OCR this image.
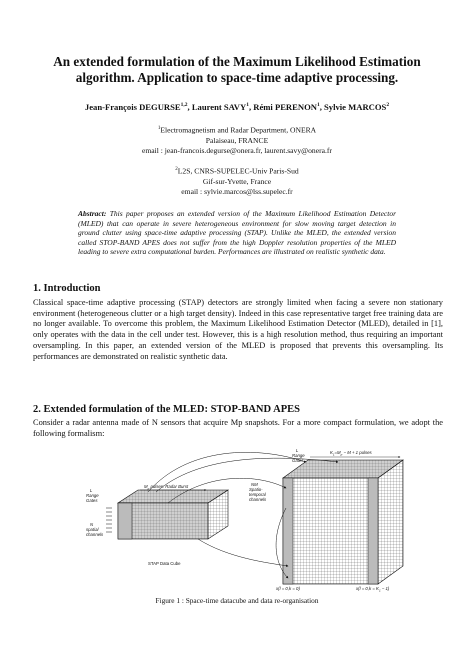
An extended formulation of the Maximum Likelihood Estimation
algorithm. Application to space-time adaptive processing.
Jean-François DEGURSE$^{1,2}$, Laurent SAVY$^1$, Rémi PERENON$^1$, Sylvie MARCOS$^2$
$^1$Electromagnetism and Radar Department, ONERA
Palaiseau, FRANCE
email : jean-francois.degurse@onera.fr, laurent.savy@onera.fr
$^2$L2S, CNRS-SUPELEC-Univ Paris-Sud
Gif-sur-Yvette, France
email : sylvie.marcos@lss.supelec.fr
Abstract: This paper proposes an extended version of the Maximum Likelihood Estimation Detector (MLED) that can operate in severe heterogeneous environment for slow moving target detection in ground clutter using space-time adaptive processing (STAP). Unlike the MLED, the extended version called STOP-BAND APES does not suffer from the high Doppler resolution properties of the MLED leading to severe extra computational burden. Performances are illustrated on realistic synthetic data.
1. Introduction
Classical space-time adaptive processing (STAP) detectors are strongly limited when facing a severe non stationary environment (heterogeneous clutter or a high target density). Indeed in this case representative target free training data are no longer available. To overcome this problem, the Maximum Likelihood Estimation Detector (MLED), detailed in [1], only operates with the data in the cell under test. However, this is a high resolution method, thus requiring an important oversampling. In this paper, an extended version of the MLED is proposed that prevents this oversampling. Its performances are demonstrated on realistic synthetic data.
2. Extended formulation of the MLED: STOP-BAND APES
Consider a radar antenna made of N sensors that acquire Mp snapshots. For a more compact formulation, we adopt the following formalism:
L
Range
Gates
$M_p$ pulses: Radar Burst
N
spatial
channels
STAP Data Cube
L
Range
Gates
$K_1=M_p - M + 1$ pulses
NM
Spatio-
temporal
channels
x(l = 0,k = 0)	$x(l = 0,k = K_1 - 1)$
Figure 1 : Space-time datacube and data re-organisation
